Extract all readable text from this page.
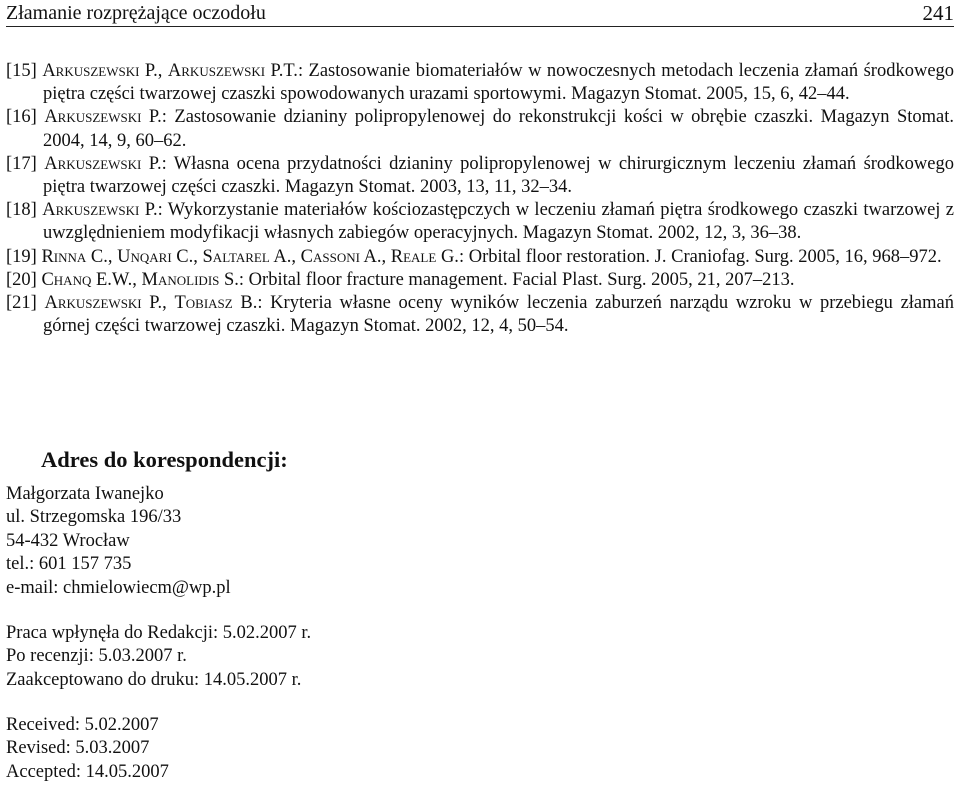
Złamanie rozprężające oczodołu	241
[15] Arkuszewski P., Arkuszewski P.T.: Zastosowanie biomateriałów w nowoczesnych metodach leczenia złamań środkowego piętra części twarzowej czaszki spowodowanych urazami sportowymi. Magazyn Stomat. 2005, 15, 6, 42–44.
[16] Arkuszewski P.: Zastosowanie dzianiny polipropylenowej do rekonstrukcji kości w obrębie czaszki. Magazyn Stomat. 2004, 14, 9, 60–62.
[17] Arkuszewski P.: Własna ocena przydatności dzianiny polipropylenowej w chirurgicznym leczeniu złamań środkowego piętra twarzowej części czaszki. Magazyn Stomat. 2003, 13, 11, 32–34.
[18] Arkuszewski P.: Wykorzystanie materiałów kościozastępczych w leczeniu złamań piętra środkowego czaszki twarzowej z uwzględnieniem modyfikacji własnych zabiegów operacyjnych. Magazyn Stomat. 2002, 12, 3, 36–38.
[19] Rinna C., Unqari C., Saltarel A., Cassoni A., Reale G.: Orbital floor restoration. J. Craniofag. Surg. 2005, 16, 968–972.
[20] Chanq E.W., Manolidis S.: Orbital floor fracture management. Facial Plast. Surg. 2005, 21, 207–213.
[21] Arkuszewski P., Tobiasz B.: Kryteria własne oceny wyników leczenia zaburzeń narządu wzroku w przebiegu złamań górnej części twarzowej czaszki. Magazyn Stomat. 2002, 12, 4, 50–54.
Adres do korespondencji:
Małgorzata Iwanejko
ul. Strzegomska 196/33
54-432 Wrocław
tel.: 601 157 735
e-mail: chmielowiecm@wp.pl
Praca wpłynęła do Redakcji: 5.02.2007 r.
Po recenzji: 5.03.2007 r.
Zaakceptowano do druku: 14.05.2007 r.
Received: 5.02.2007
Revised: 5.03.2007
Accepted: 14.05.2007
